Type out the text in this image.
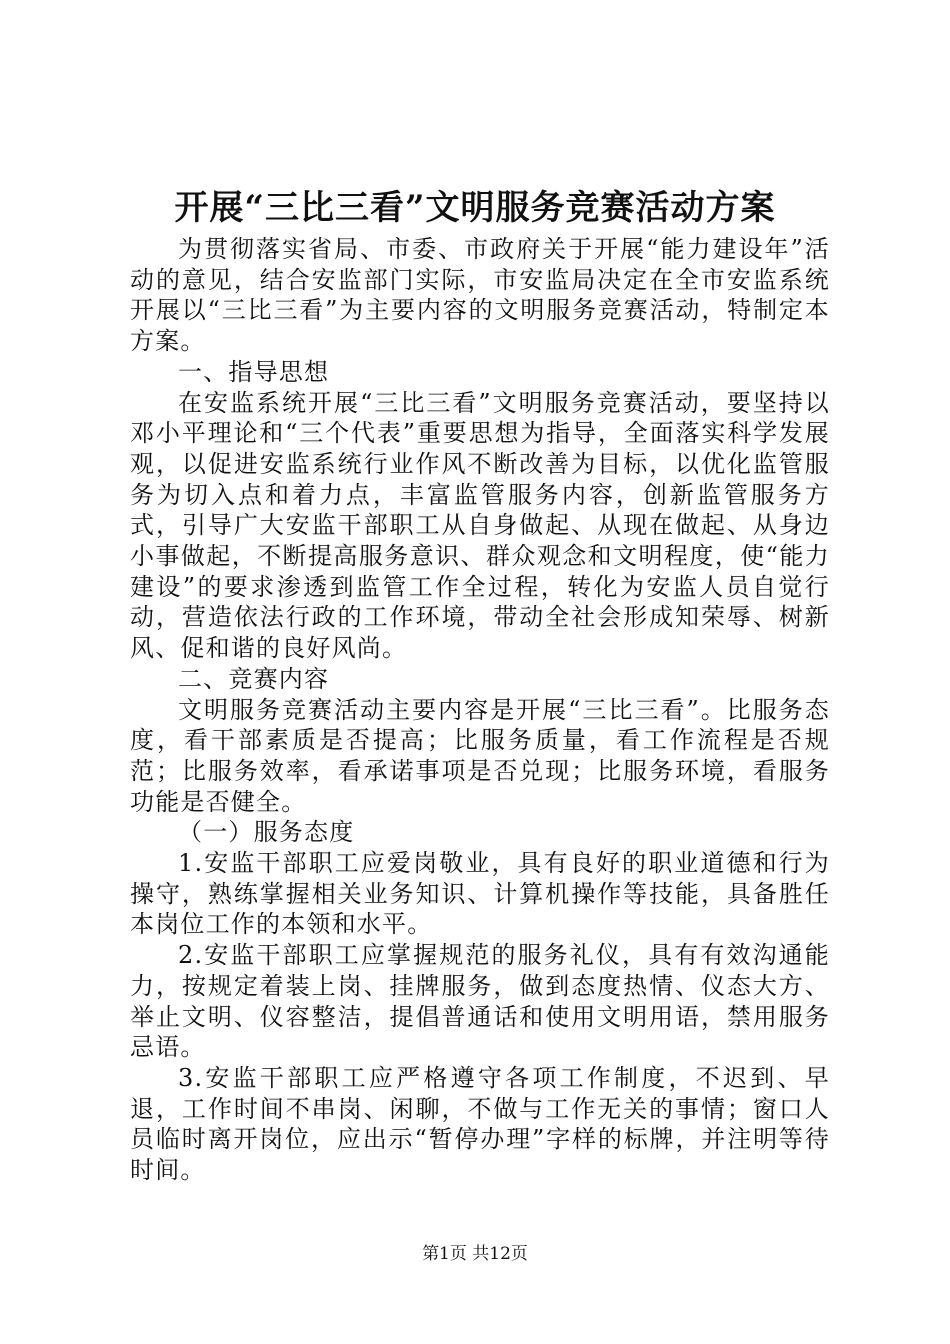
开展“三比三看”文明服务竞赛活动方案

为贯彻落实省局、市委、市政府关于开展“能力建设年”活动的意见，结合安监部门实际，市安监局决定在全市安监系统开展以“三比三看”为主要内容的文明服务竞赛活动，特制定本方案。

一、指导思想

在安监系统开展“三比三看”文明服务竞赛活动，要坚持以邓小平理论和“三个代表”重要思想为指导，全面落实科学发展观，以促进安监系统行业作风不断改善为目标，以优化监管服务为切入点和着力点，丰富监管服务内容，创新监管服务方式，引导广大安监干部职工从自身做起、从现在做起、从身边小事做起，不断提高服务意识、群众观念和文明程度，使“能力建设”的要求渗透到监管工作全过程，转化为安监人员自觉行动，营造依法行政的工作环境，带动全社会形成知荣辱、树新风、促和谐的良好风尚。

二、竞赛内容

文明服务竞赛活动主要内容是开展“三比三看”。比服务态度，看干部素质是否提高；比服务质量，看工作流程是否规范；比服务效率，看承诺事项是否兑现；比服务环境，看服务功能是否健全。

（一）服务态度

1.安监干部职工应爱岗敬业，具有良好的职业道德和行为操守，熟练掌握相关业务知识、计算机操作等技能，具备胜任本岗位工作的本领和水平。

2.安监干部职工应掌握规范的服务礼仪，具有有效沟通能力，按规定着装上岗、挂牌服务，做到态度热情、仪态大方、举止文明、仪容整洁，提倡普通话和使用文明用语，禁用服务忌语。

3.安监干部职工应严格遵守各项工作制度，不迟到、早退，工作时间不串岗、闲聊，不做与工作无关的事情；窗口人员临时离开岗位，应出示“暂停办理”字样的标牌，并注明等待时间。

第1页 共12页
